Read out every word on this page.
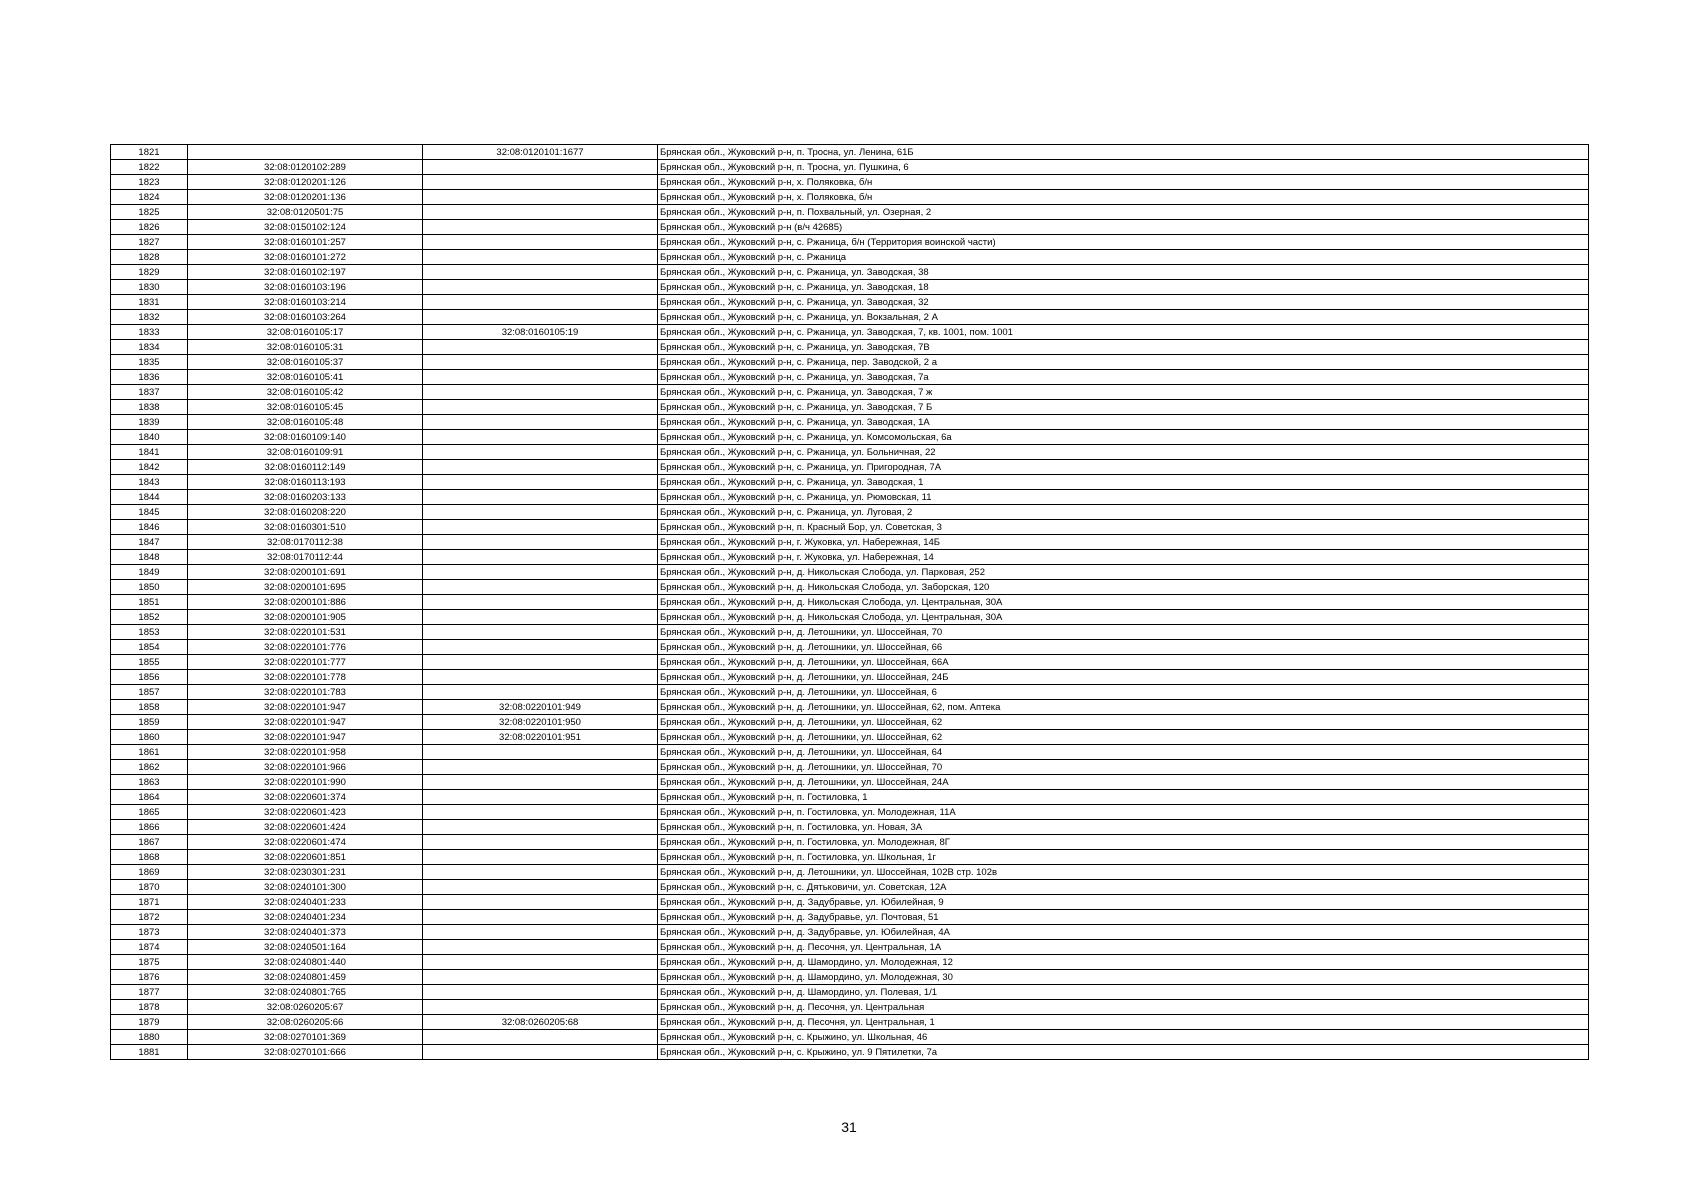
1821		32:08:0120101:1677	Брянская обл., Жуковский р-н, п. Тросна, ул. Ленина, 61Б
1822	32:08:0120102:289		Брянская обл., Жуковский р-н, п. Тросна, ул. Пушкина, 6
1823	32:08:0120201:126		Брянская обл., Жуковский р-н, х. Поляковка, б/н
1824	32:08:0120201:136		Брянская обл., Жуковский р-н, х. Поляковка, б/н
1825	32:08:0120501:75		Брянская обл., Жуковский р-н, п. Похвальный, ул. Озерная, 2
1826	32:08:0150102:124		Брянская обл., Жуковский р-н (в/ч 42685)
1827	32:08:0160101:257		Брянская обл., Жуковский р-н, с. Ржаница, б/н (Территория воинской части)
1828	32:08:0160101:272		Брянская обл., Жуковский р-н, с. Ржаница
1829	32:08:0160102:197		Брянская обл., Жуковский р-н, с. Ржаница, ул. Заводская, 38
1830	32:08:0160103:196		Брянская обл., Жуковский р-н, с. Ржаница, ул. Заводская, 18
1831	32:08:0160103:214		Брянская обл., Жуковский р-н, с. Ржаница, ул. Заводская, 32
1832	32:08:0160103:264		Брянская обл., Жуковский р-н, с. Ржаница, ул. Вокзальная, 2 А
1833	32:08:0160105:17	32:08:0160105:19	Брянская обл., Жуковский р-н, с. Ржаница, ул. Заводская, 7, кв. 1001, пом. 1001
1834	32:08:0160105:31		Брянская обл., Жуковский р-н, с. Ржаница, ул. Заводская, 7В
1835	32:08:0160105:37		Брянская обл., Жуковский р-н, с. Ржаница, пер. Заводской, 2 а
1836	32:08:0160105:41		Брянская обл., Жуковский р-н, с. Ржаница, ул. Заводская, 7а
1837	32:08:0160105:42		Брянская обл., Жуковский р-н, с. Ржаница, ул. Заводская, 7 ж
1838	32:08:0160105:45		Брянская обл., Жуковский р-н, с. Ржаница, ул. Заводская, 7 Б
1839	32:08:0160105:48		Брянская обл., Жуковский р-н, с. Ржаница, ул. Заводская, 1А
1840	32:08:0160109:140		Брянская обл., Жуковский р-н, с. Ржаница, ул. Комсомольская, 6а
1841	32:08:0160109:91		Брянская обл., Жуковский р-н, с. Ржаница, ул. Больничная, 22
1842	32:08:0160112:149		Брянская обл., Жуковский р-н, с. Ржаница, ул. Пригородная, 7А
1843	32:08:0160113:193		Брянская обл., Жуковский р-н, с. Ржаница, ул. Заводская, 1
1844	32:08:0160203:133		Брянская обл., Жуковский р-н, с. Ржаница, ул. Рюмовская, 11
1845	32:08:0160208:220		Брянская обл., Жуковский р-н, с. Ржаница, ул. Луговая, 2
1846	32:08:0160301:510		Брянская обл., Жуковский р-н, п. Красный Бор, ул. Советская, 3
1847	32:08:0170112:38		Брянская обл., Жуковский р-н, г. Жуковка, ул. Набережная, 14Б
1848	32:08:0170112:44		Брянская обл., Жуковский р-н, г. Жуковка, ул. Набережная, 14
1849	32:08:0200101:691		Брянская обл., Жуковский р-н, д. Никольская Слобода, ул. Парковая, 252
1850	32:08:0200101:695		Брянская обл., Жуковский р-н, д. Никольская Слобода, ул. Заборская, 120
1851	32:08:0200101:886		Брянская обл., Жуковский р-н, д. Никольская Слобода, ул. Центральная, 30А
1852	32:08:0200101:905		Брянская обл., Жуковский р-н, д. Никольская Слобода, ул. Центральная, 30А
1853	32:08:0220101:531		Брянская обл., Жуковский р-н, д. Летошники, ул. Шоссейная, 70
1854	32:08:0220101:776		Брянская обл., Жуковский р-н, д. Летошники, ул. Шоссейная, 66
1855	32:08:0220101:777		Брянская обл., Жуковский р-н, д. Летошники, ул. Шоссейная, 66А
1856	32:08:0220101:778		Брянская обл., Жуковский р-н, д. Летошники, ул. Шоссейная, 24Б
1857	32:08:0220101:783		Брянская обл., Жуковский р-н, д. Летошники, ул. Шоссейная, 6
1858	32:08:0220101:947	32:08:0220101:949	Брянская обл., Жуковский р-н, д. Летошники, ул. Шоссейная, 62, пом. Аптека
1859	32:08:0220101:947	32:08:0220101:950	Брянская обл., Жуковский р-н, д. Летошники, ул. Шоссейная, 62
1860	32:08:0220101:947	32:08:0220101:951	Брянская обл., Жуковский р-н, д. Летошники, ул. Шоссейная, 62
1861	32:08:0220101:958		Брянская обл., Жуковский р-н, д. Летошники, ул. Шоссейная, 64
1862	32:08:0220101:966		Брянская обл., Жуковский р-н, д. Летошники, ул. Шоссейная, 70
1863	32:08:0220101:990		Брянская обл., Жуковский р-н, д. Летошники, ул. Шоссейная, 24А
1864	32:08:0220601:374		Брянская обл., Жуковский р-н, п. Гостиловка, 1
1865	32:08:0220601:423		Брянская обл., Жуковский р-н, п. Гостиловка, ул. Молодежная, 11А
1866	32:08:0220601:424		Брянская обл., Жуковский р-н, п. Гостиловка, ул. Новая, 3А
1867	32:08:0220601:474		Брянская обл., Жуковский р-н, п. Гостиловка, ул. Молодежная, 8Г
1868	32:08:0220601:851		Брянская обл., Жуковский р-н, п. Гостиловка, ул. Школьная, 1г
1869	32:08:0230301:231		Брянская обл., Жуковский р-н, д. Летошники, ул. Шоссейная, 102В стр. 102в
1870	32:08:0240101:300		Брянская обл., Жуковский р-н, с. Дятьковичи, ул. Советская, 12А
1871	32:08:0240401:233		Брянская обл., Жуковский р-н, д. Задубравье, ул. Юбилейная, 9
1872	32:08:0240401:234		Брянская обл., Жуковский р-н, д. Задубравье, ул. Почтовая, 51
1873	32:08:0240401:373		Брянская обл., Жуковский р-н, д. Задубравье, ул. Юбилейная, 4А
1874	32:08:0240501:164		Брянская обл., Жуковский р-н, д. Песочня, ул. Центральная, 1А
1875	32:08:0240801:440		Брянская обл., Жуковский р-н, д. Шамордино, ул. Молодежная, 12
1876	32:08:0240801:459		Брянская обл., Жуковский р-н, д. Шамордино, ул. Молодежная, 30
1877	32:08:0240801:765		Брянская обл., Жуковский р-н, д. Шамордино, ул. Полевая, 1/1
1878	32:08:0260205:67		Брянская обл., Жуковский р-н, д. Песочня, ул. Центральная
1879	32:08:0260205:66	32:08:0260205:68	Брянская обл., Жуковский р-н, д. Песочня, ул. Центральная, 1
1880	32:08:0270101:369		Брянская обл., Жуковский р-н, с. Крыжино, ул. Школьная, 46
1881	32:08:0270101:666		Брянская обл., Жуковский р-н, с. Крыжино, ул. 9 Пятилетки, 7а
31
